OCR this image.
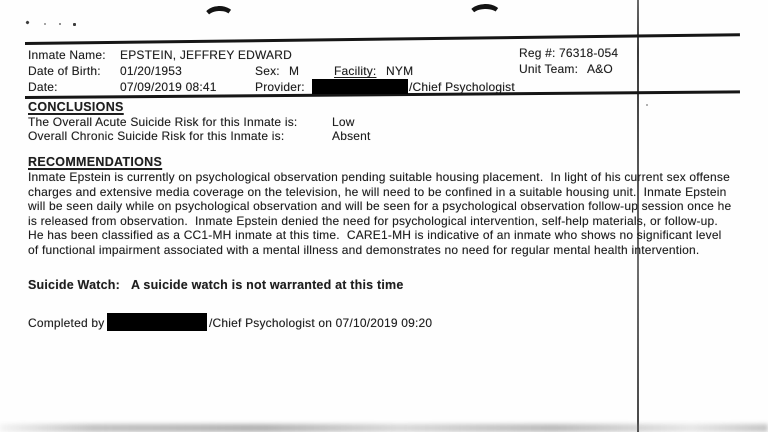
Inmate Name: EPSTEIN, JEFFREY EDWARD	Reg #: 76318-054
Date of Birth: 01/20/1953	Sex: M	Facility: NYM	Unit Team: A&O
Date:	07/09/2019 08:41	Provider:	/Chief Psychologist
CONCLUSIONS
The Overall Acute Suicide Risk for this Inmate is:	Low
Overall Chronic Suicide Risk for this Inmate is:	Absent
RECOMMENDATIONS
Inmate Epstein is currently on psychological observation pending suitable housing placement.  In light of his current sex offense
charges and extensive media coverage on the television, he will need to be confined in a suitable housing unit.  Inmate Epstein
will be seen daily while on psychological observation and will be seen for a psychological observation follow-up session once he
is released from observation.  Inmate Epstein denied the need for psychological intervention, self-help materials, or follow-up.
He has been classified as a CC1-MH inmate at this time.  CARE1-MH is indicative of an inmate who shows no significant level
of functional impairment associated with a mental illness and demonstrates no need for regular mental health intervention.
Suicide Watch: A suicide watch is not warranted at this time
Completed by	/Chief Psychologist on 07/10/2019 09:20
